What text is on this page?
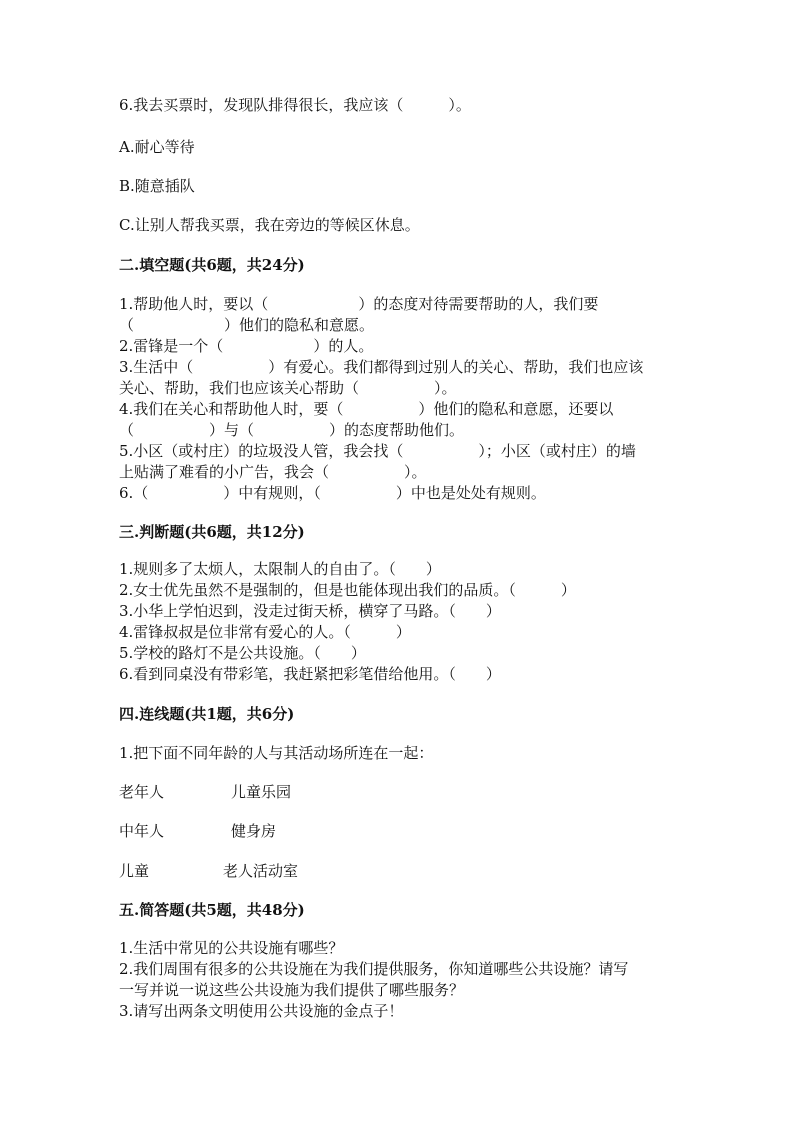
6.我去买票时，发现队排得很长，我应该（　　　）。
A.耐心等待
B.随意插队
C.让别人帮我买票，我在旁边的等候区休息。
二.填空题(共6题，共24分)
1.帮助他人时，要以（　　　　　　）的态度对待需要帮助的人，我们要
（　　　　　　）他们的隐私和意愿。
2.雷锋是一个（　　　　　　）的人。
3.生活中（　　　　　）有爱心。我们都得到过别人的关心、帮助，我们也应该
关心、帮助，我们也应该关心帮助（　　　　　）。
4.我们在关心和帮助他人时，要（　　　　　）他们的隐私和意愿，还要以
（　　　　　）与（　　　　　）的态度帮助他们。
5.小区（或村庄）的垃圾没人管，我会找（　　　　　）；小区（或村庄）的墙
上贴满了难看的小广告，我会（　　　　　）。
6.（　　　　　）中有规则，（　　　　　）中也是处处有规则。
三.判断题(共6题，共12分)
1.规则多了太烦人，太限制人的自由了。（　　）
2.女士优先虽然不是强制的，但是也能体现出我们的品质。（　　　）
3.小华上学怕迟到，没走过街天桥，横穿了马路。（　　）
4.雷锋叔叔是位非常有爱心的人。（　　　）
5.学校的路灯不是公共设施。（　　）
6.看到同桌没有带彩笔，我赶紧把彩笔借给他用。（　　）
四.连线题(共1题，共6分)
1.把下面不同年龄的人与其活动场所连在一起：
老年人	儿童乐园
中年人	健身房
儿童	老人活动室
五.简答题(共5题，共48分)
1.生活中常见的公共设施有哪些？
2.我们周围有很多的公共设施在为我们提供服务，你知道哪些公共设施？请写
一写并说一说这些公共设施为我们提供了哪些服务？
3.请写出两条文明使用公共设施的金点子！
